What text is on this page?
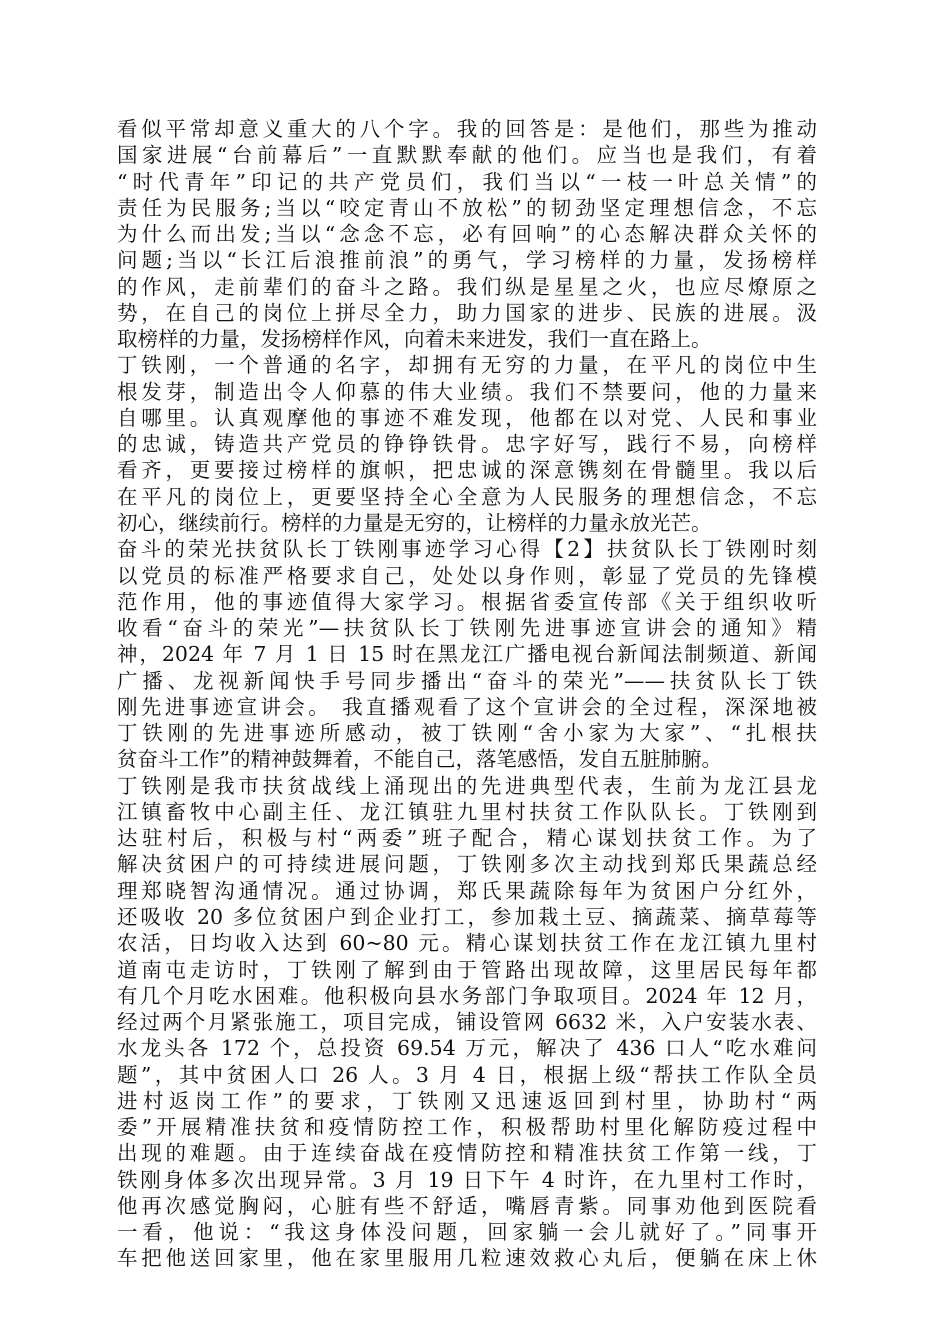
看似平常却意义重大的八个字。我的回答是：是他们，那些为推动
国家进展“台前幕后”一直默默奉献的他们。应当也是我们，有着
“时代青年”印记的共产党员们，我们当以“一枝一叶总关情”的
责任为民服务;当以“咬定青山不放松”的韧劲坚定理想信念，不忘
为什么而出发;当以“念念不忘，必有回响”的心态解决群众关怀的
问题;当以“长江后浪推前浪”的勇气，学习榜样的力量，发扬榜样
的作风，走前辈们的奋斗之路。我们纵是星星之火，也应尽燎原之
势，在自己的岗位上拼尽全力，助力国家的进步、民族的进展。汲
取榜样的力量，发扬榜样作风，向着未来进发，我们一直在路上。
丁铁刚，一个普通的名字，却拥有无穷的力量，在平凡的岗位中生
根发芽，制造出令人仰慕的伟大业绩。我们不禁要问，他的力量来
自哪里。认真观摩他的事迹不难发现，他都在以对党、人民和事业
的忠诚，铸造共产党员的铮铮铁骨。忠字好写，践行不易，向榜样
看齐，更要接过榜样的旗帜，把忠诚的深意镌刻在骨髓里。我以后
在平凡的岗位上，更要坚持全心全意为人民服务的理想信念，不忘
初心，继续前行。榜样的力量是无穷的，让榜样的力量永放光芒。
奋斗的荣光扶贫队长丁铁刚事迹学习心得【2】扶贫队长丁铁刚时刻
以党员的标准严格要求自己，处处以身作则，彰显了党员的先锋模
范作用，他的事迹值得大家学习。根据省委宣传部《关于组织收听
收看“奋斗的荣光”—扶贫队长丁铁刚先进事迹宣讲会的通知》精
神，2024 年 7 月 1 日 15 时在黑龙江广播电视台新闻法制频道、新闻
广播、龙视新闻快手号同步播出“奋斗的荣光”——扶贫队长丁铁
刚先进事迹宣讲会。 我直播观看了这个宣讲会的全过程，深深地被
丁铁刚的先进事迹所感动，被丁铁刚“舍小家为大家”、“扎根扶
贫奋斗工作”的精神鼓舞着，不能自己，落笔感悟，发自五脏肺腑。
丁铁刚是我市扶贫战线上涌现出的先进典型代表，生前为龙江县龙
江镇畜牧中心副主任、龙江镇驻九里村扶贫工作队队长。丁铁刚到
达驻村后，积极与村“两委”班子配合，精心谋划扶贫工作。为了
解决贫困户的可持续进展问题，丁铁刚多次主动找到郑氏果蔬总经
理郑晓智沟通情况。通过协调，郑氏果蔬除每年为贫困户分红外，
还吸收 20 多位贫困户到企业打工，参加栽土豆、摘蔬菜、摘草莓等
农活，日均收入达到 60~80 元。精心谋划扶贫工作在龙江镇九里村
道南屯走访时，丁铁刚了解到由于管路出现故障，这里居民每年都
有几个月吃水困难。他积极向县水务部门争取项目。2024 年 12 月，
经过两个月紧张施工，项目完成，铺设管网 6632 米，入户安装水表、
水龙头各 172 个，总投资 69.54 万元，解决了 436 口人“吃水难问
题”，其中贫困人口 26 人。3 月 4 日，根据上级“帮扶工作队全员
进村返岗工作”的要求，丁铁刚又迅速返回到村里，协助村“两
委”开展精准扶贫和疫情防控工作，积极帮助村里化解防疫过程中
出现的难题。由于连续奋战在疫情防控和精准扶贫工作第一线，丁
铁刚身体多次出现异常。3 月 19 日下午 4 时许，在九里村工作时，
他再次感觉胸闷，心脏有些不舒适，嘴唇青紫。同事劝他到医院看
一看，他说：“我这身体没问题，回家躺一会儿就好了。”同事开
车把他送回家里，他在家里服用几粒速效救心丸后，便躺在床上休
